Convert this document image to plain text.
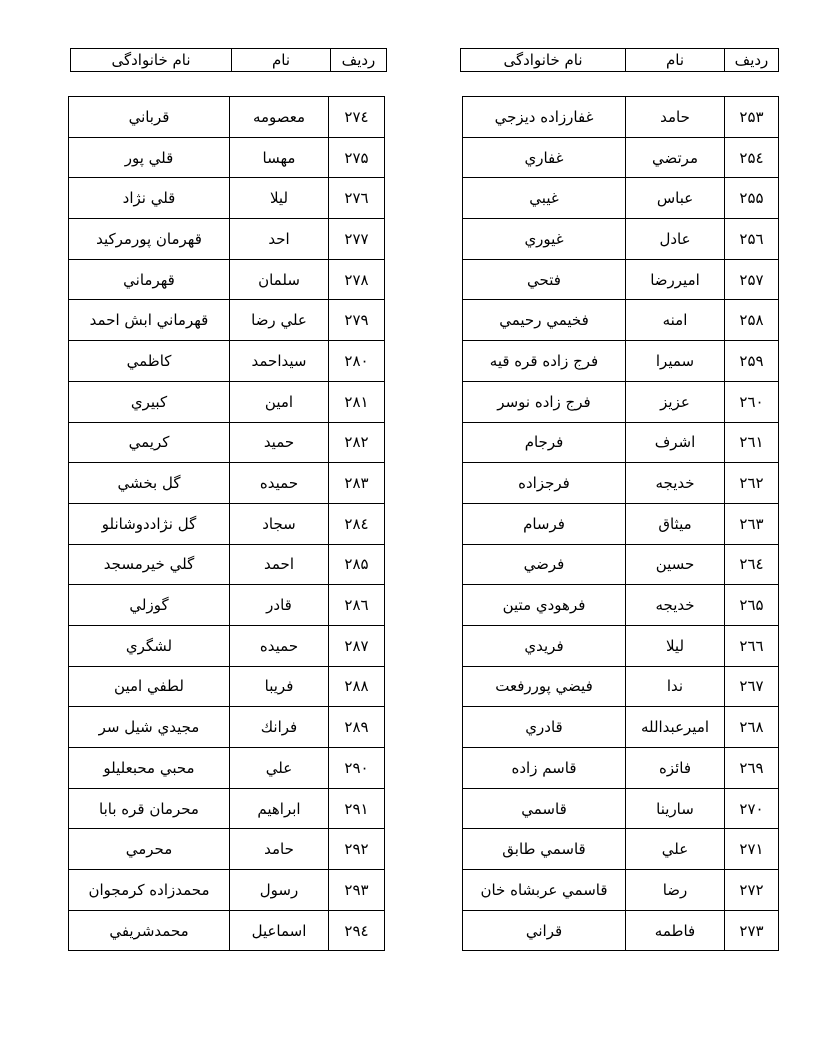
ردیف	نام	نام خانوادگی
ردیف	نام	نام خانوادگی
۲۵۳	حامد	غفارزاده دیزجي
۲۵٤	مرتضي	غفاري
۲۵۵	عباس	غیبي
۲۵٦	عادل	غیوري
۲۵۷	امیررضا	فتحي
۲۵۸	امنه	فخیمي رحیمي
۲۵۹	سمیرا	فرج زاده قره قیه
۲٦۰	عزیز	فرج زاده نوسر
۲٦۱	اشرف	فرجام
۲٦۲	خدیجه	فرجزاده
۲٦۳	میثاق	فرسام
۲٦٤	حسین	فرضي
۲٦۵	خدیجه	فرهودي متین
۲٦٦	لیلا	فریدي
۲٦۷	ندا	فیضي پوررفعت
۲٦۸	امیرعبدالله	قادري
۲٦۹	فائزه	قاسم زاده
۲۷۰	سارینا	قاسمي
۲۷۱	علي	قاسمي طابق
۲۷۲	رضا	قاسمي عربشاه خان
۲۷۳	فاطمه	قراني
۲۷٤	معصومه	قرباني
۲۷۵	مهسا	قلي پور
۲۷٦	لیلا	قلي نژاد
۲۷۷	احد	قهرمان پورمرکید
۲۷۸	سلمان	قهرماني
۲۷۹	علي رضا	قهرماني ابش احمد
۲۸۰	سیداحمد	کاظمي
۲۸۱	امین	کبیري
۲۸۲	حمید	کریمي
۲۸۳	حمیده	گل بخشي
۲۸٤	سجاد	گل نژاددوشانلو
۲۸۵	احمد	گلي خیرمسجد
۲۸٦	قادر	گوزلي
۲۸۷	حمیده	لشگري
۲۸۸	فریبا	لطفي امین
۲۸۹	فرانك	مجیدي شیل سر
۲۹۰	علي	محبي محبعلیلو
۲۹۱	ابراهیم	محرمان قره بابا
۲۹۲	حامد	محرمي
۲۹۳	رسول	محمدزاده کرمجوان
۲۹٤	اسماعیل	محمدشریفي
